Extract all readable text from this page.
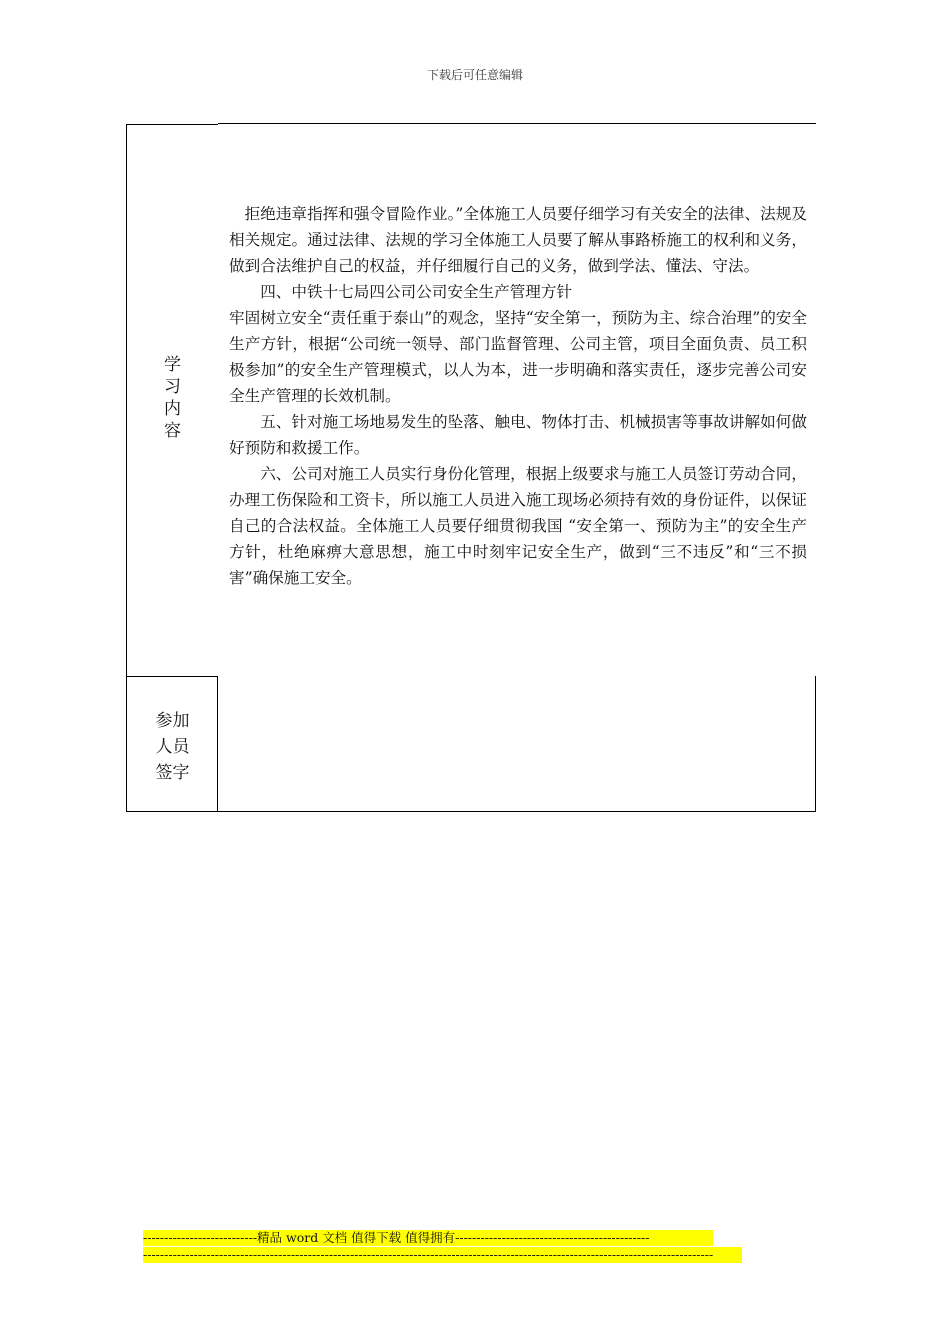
下载后可任意编辑
学
习
内
容

拒绝违章指挥和强令冒险作业。”全体施工人员要仔细学习有关安全的法律、法规及相关规定。通过法律、法规的学习全体施工人员要了解从事路桥施工的权利和义务，做到合法维护自己的权益，并仔细履行自己的义务，做到学法、懂法、守法。

四、中铁十七局四公司公司安全生产管理方针

牢固树立安全“责任重于泰山”的观念，坚持“安全第一，预防为主、综合治理”的安全生产方针，根据“公司统一领导、部门监督管理、公司主管，项目全面负责、员工积极参加”的安全生产管理模式，以人为本，进一步明确和落实责任，逐步完善公司安全生产管理的长效机制。

五、针对施工场地易发生的坠落、触电、物体打击、机械损害等事故讲解如何做好预防和救援工作。

六、公司对施工人员实行身份化管理，根据上级要求与施工人员签订劳动合同，办理工伤保险和工资卡，所以施工人员进入施工现场必须持有效的身份证件，以保证自己的合法权益。全体施工人员要仔细贯彻我国 “安全第一、预防为主”的安全生产方针，杜绝麻痹大意思想，施工中时刻牢记安全生产，做到“三不违反”和“三不损害”确保施工安全。

参加
人员
签字
---------------------------精品 word 文档 值得下载 值得拥有----------------------------------------------
---------------------------------------------------------------------------------------------------------------------------------------
